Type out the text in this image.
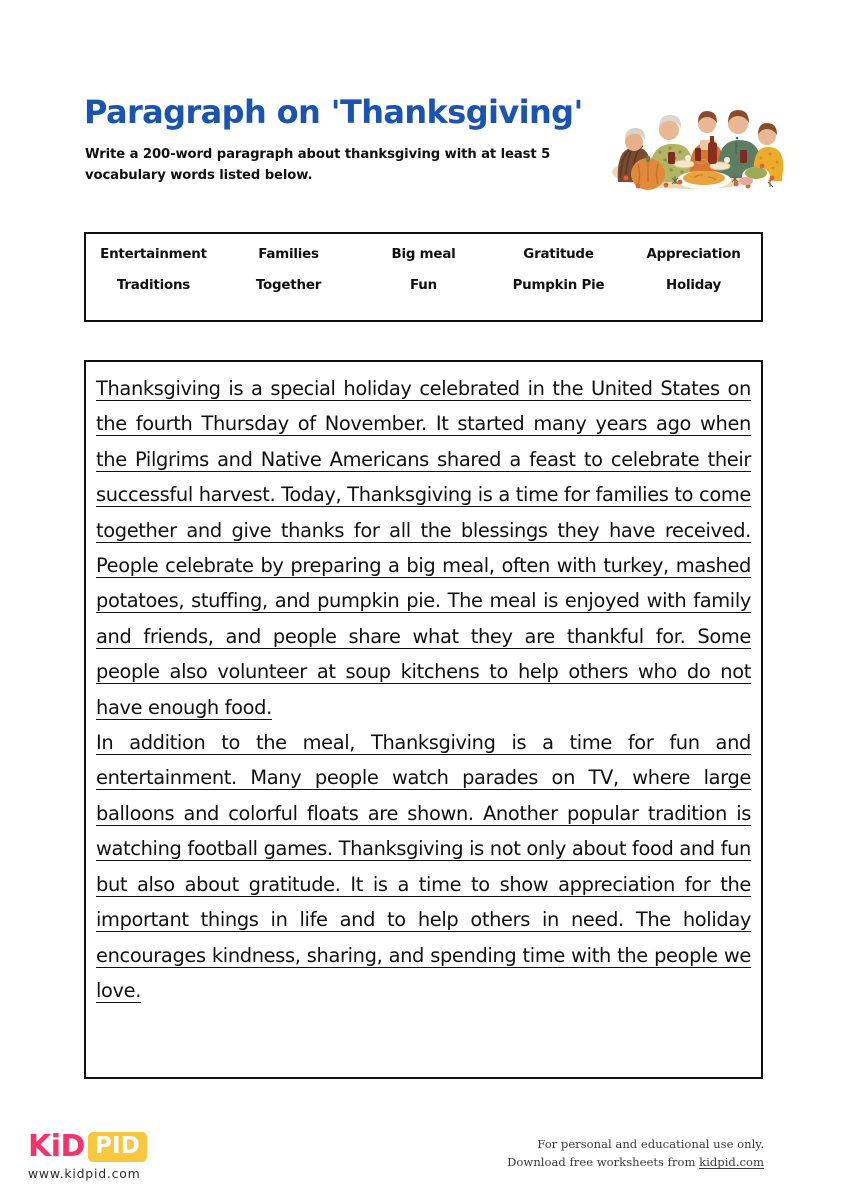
Paragraph on 'Thanksgiving'

Write a 200-word paragraph about thanksgiving with at least 5 vocabulary words listed below.

Entertainment	Families	Big meal	Gratitude	Appreciation
Traditions	Together	Fun	Pumpkin Pie	Holiday

Thanksgiving is a special holiday celebrated in the United States on the fourth Thursday of November. It started many years ago when the Pilgrims and Native Americans shared a feast to celebrate their successful harvest. Today, Thanksgiving is a time for families to come together and give thanks for all the blessings they have received. People celebrate by preparing a big meal, often with turkey, mashed potatoes, stuffing, and pumpkin pie. The meal is enjoyed with family and friends, and people share what they are thankful for. Some people also volunteer at soup kitchens to help others who do not have enough food.

In addition to the meal, Thanksgiving is a time for fun and entertainment. Many people watch parades on TV, where large balloons and colorful floats are shown. Another popular tradition is watching football games. Thanksgiving is not only about food and fun but also about gratitude. It is a time to show appreciation for the important things in life and to help others in need. The holiday encourages kindness, sharing, and spending time with the people we love.

KiD PID
www.kidpid.com
For personal and educational use only.
Download free worksheets from kidpid.com
